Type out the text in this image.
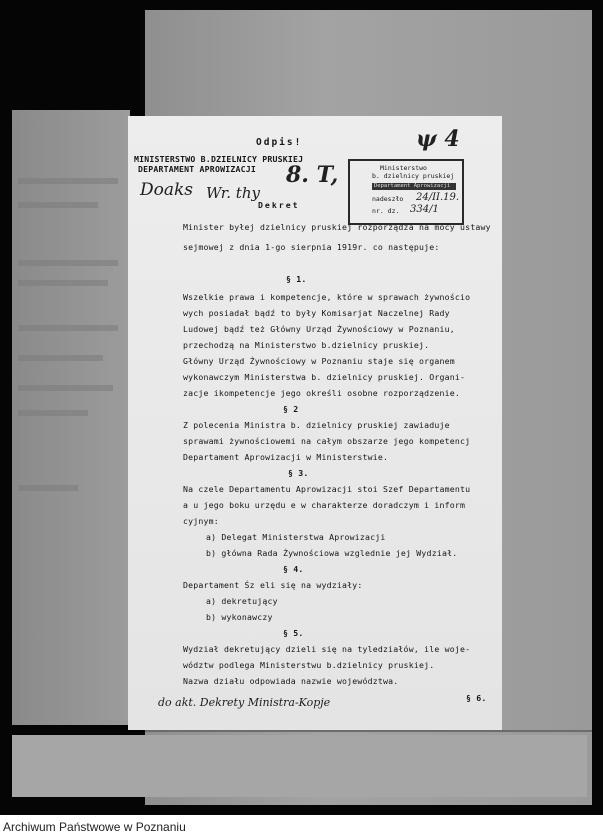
Odpis!
MINISTERSTWO B.DZIELNICY PRUSKIEJ
DEPARTAMENT APROWIZACJI
Doaks Wr. thy
8. T,
ψ 4
Ministerstwo
b. dzielnicy pruskiej
Departament Aprowizacji
nadeszło 24/II.19.
nr. dz. 334/1
Dekret
Minister byłej dzielnicy pruskiej rozporządza na mocy ustawy
sejmowej z dnia 1-go sierpnia 1919r. co następuje:
§ 1.
Wszelkie prawa i kompetencje, które w sprawach żywnościo
wych posiadał bądź to były Komisarjat Naczelnej Rady
Ludowej bądź też Główny Urząd Żywnościowy w Poznaniu,
przechodzą na Ministerstwo b.dzielnicy pruskiej.
Główny Urząd Żywnościowy w Poznaniu staje się organem
wykonawczym Ministerstwa b. dzielnicy pruskiej. Organi-
zacje ikompetencje jego określi osobne rozporządzenie.
§ 2
Z polecenia Ministra b. dzielnicy pruskiej zawiaduje
sprawami żywnościowemi na całym obszarze jego kompetencj
Departament Aprowizacji w Ministerstwie.
§ 3.
Na czele Departamentu Aprowizacji stoi Szef Departamentu
a u jego boku urzędu e w charakterze doradczym i inform
cyjnym:
a) Delegat Ministerstwa Aprowizacji
b) główna Rada Żywnościowa wzglednie jej Wydział.
§ 4.
Departament Śz eli się na wydziały:
a) dekretujący
b) wykonawczy
§ 5.
Wydział dekretujący dzieli się na tyledziałów, ile woje-
wództw podlega Ministerstwu b.dzielnicy pruskiej.
Nazwa działu odpowiada nazwie województwa.
§ 6.
do akt. Dekrety Ministra-Kopje
Archiwum Państwowe w Poznaniu
